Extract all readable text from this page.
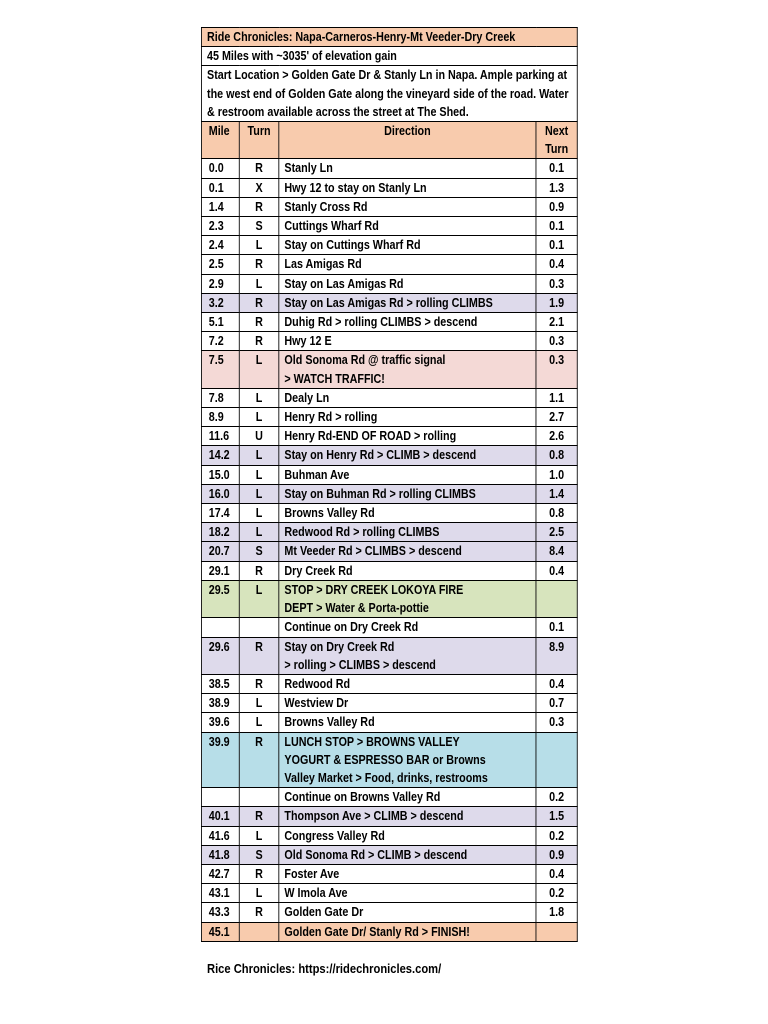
Ride Chronicles: Napa-Carneros-Henry-Mt Veeder-Dry Creek			
45 Miles with ~3035' of elevation gain			
Start Location > Golden Gate Dr & Stanly Ln in Napa. Ample parking at the west end of Golden Gate along the vineyard side of the road. Water & restroom available across the street at The Shed.			
Mile	Turn	Direction	Next Turn
0.0	R	Stanly Ln	0.1
0.1	X	Hwy 12 to stay on Stanly Ln	1.3
1.4	R	Stanly Cross Rd	0.9
2.3	S	Cuttings Wharf Rd	0.1
2.4	L	Stay on Cuttings Wharf Rd	0.1
2.5	R	Las Amigas Rd	0.4
2.9	L	Stay on Las Amigas Rd	0.3
3.2	R	Stay on Las Amigas Rd > rolling CLIMBS	1.9
5.1	R	Duhig Rd > rolling CLIMBS > descend	2.1
7.2	R	Hwy 12 E	0.3
7.5	L	Old Sonoma Rd @ traffic signal
> WATCH TRAFFIC!	0.3
7.8	L	Dealy Ln	1.1
8.9	L	Henry Rd > rolling	2.7
11.6	U	Henry Rd-END OF ROAD > rolling	2.6
14.2	L	Stay on Henry Rd > CLIMB > descend	0.8
15.0	L	Buhman Ave	1.0
16.0	L	Stay on Buhman Rd > rolling CLIMBS	1.4
17.4	L	Browns Valley Rd	0.8
18.2	L	Redwood Rd > rolling CLIMBS	2.5
20.7	S	Mt Veeder Rd > CLIMBS > descend	8.4
29.1	R	Dry Creek Rd	0.4
29.5	L	STOP > DRY CREEK LOKOYA FIRE
DEPT > Water & Porta-pottie	
		Continue on Dry Creek Rd	0.1
29.6	R	Stay on Dry Creek Rd
> rolling > CLIMBS > descend	8.9
38.5	R	Redwood Rd	0.4
38.9	L	Westview Dr	0.7
39.6	L	Browns Valley Rd	0.3
39.9	R	LUNCH STOP > BROWNS VALLEY
YOGURT & ESPRESSO BAR or Browns
Valley Market > Food, drinks, restrooms	
		Continue on Browns Valley Rd	0.2
40.1	R	Thompson Ave > CLIMB > descend	1.5
41.6	L	Congress Valley Rd	0.2
41.8	S	Old Sonoma Rd > CLIMB > descend	0.9
42.7	R	Foster Ave	0.4
43.1	L	W Imola Ave	0.2
43.3	R	Golden Gate Dr	1.8
45.1		Golden Gate Dr/ Stanly Rd > FINISH!	
Rice Chronicles: https://ridechronicles.com/
